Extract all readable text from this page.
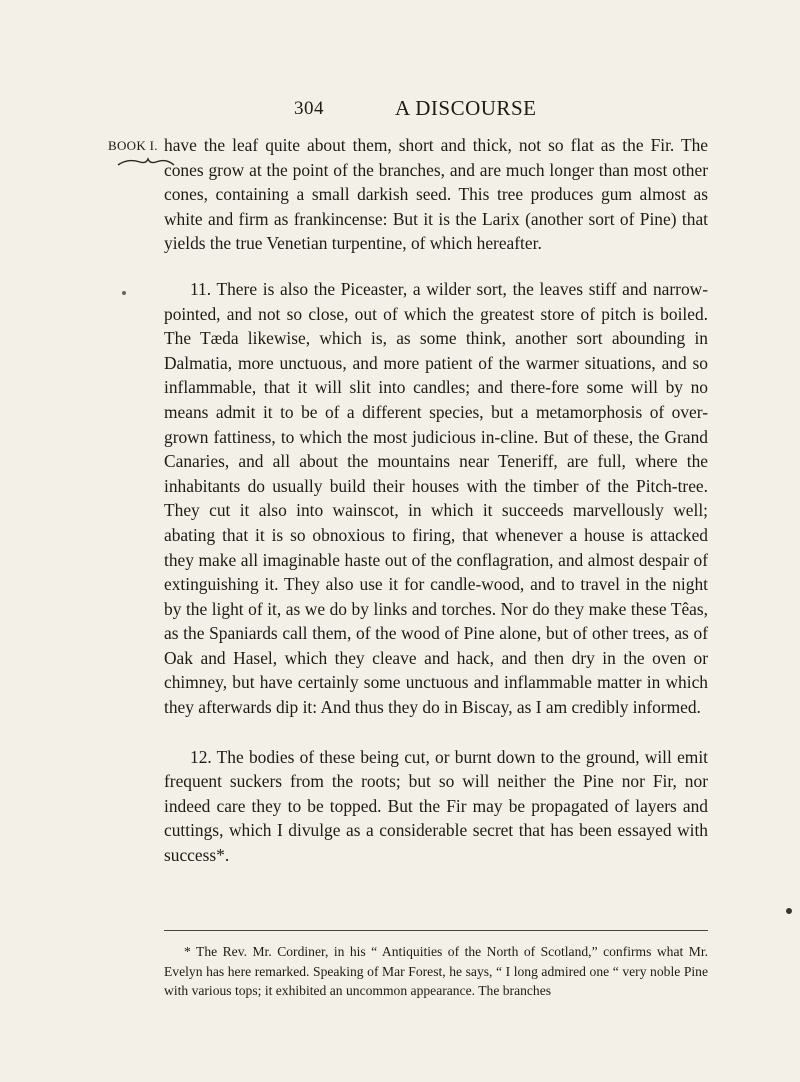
304	A DISCOURSE
BOOK I. have the leaf quite about them, short and thick, not so flat as the Fir. The cones grow at the point of the branches, and are much longer than most other cones, containing a small darkish seed. This tree produces gum almost as white and firm as frankincense: But it is the Larix (another sort of Pine) that yields the true Venetian turpentine, of which hereafter.

11. There is also the Piceaster, a wilder sort, the leaves stiff and narrow-pointed, and not so close, out of which the greatest store of pitch is boiled. The Tæda likewise, which is, as some think, another sort abounding in Dalmatia, more unctuous, and more patient of the warmer situations, and so inflammable, that it will slit into candles; and there-fore some will by no means admit it to be of a different species, but a metamorphosis of over-grown fattiness, to which the most judicious in-cline. But of these, the Grand Canaries, and all about the mountains near Teneriff, are full, where the inhabitants do usually build their houses with the timber of the Pitch-tree. They cut it also into wainscot, in which it succeeds marvellously well; abating that it is so obnoxious to firing, that whenever a house is attacked they make all imaginable haste out of the conflagration, and almost despair of extinguishing it. They also use it for candle-wood, and to travel in the night by the light of it, as we do by links and torches. Nor do they make these Têas, as the Spaniards call them, of the wood of Pine alone, but of other trees, as of Oak and Hasel, which they cleave and hack, and then dry in the oven or chimney, but have certainly some unctuous and inflammable matter in which they afterwards dip it: And thus they do in Biscay, as I am credibly informed.

12. The bodies of these being cut, or burnt down to the ground, will emit frequent suckers from the roots; but so will neither the Pine nor Fir, nor indeed care they to be topped. But the Fir may be propagated of layers and cuttings, which I divulge as a considerable secret that has been essayed with success*.

* The Rev. Mr. Cordiner, in his “ Antiquities of the North of Scotland,” confirms what Mr. Evelyn has here remarked. Speaking of Mar Forest, he says, “ I long admired one “ very noble Pine with various tops; it exhibited an uncommon appearance. The branches
